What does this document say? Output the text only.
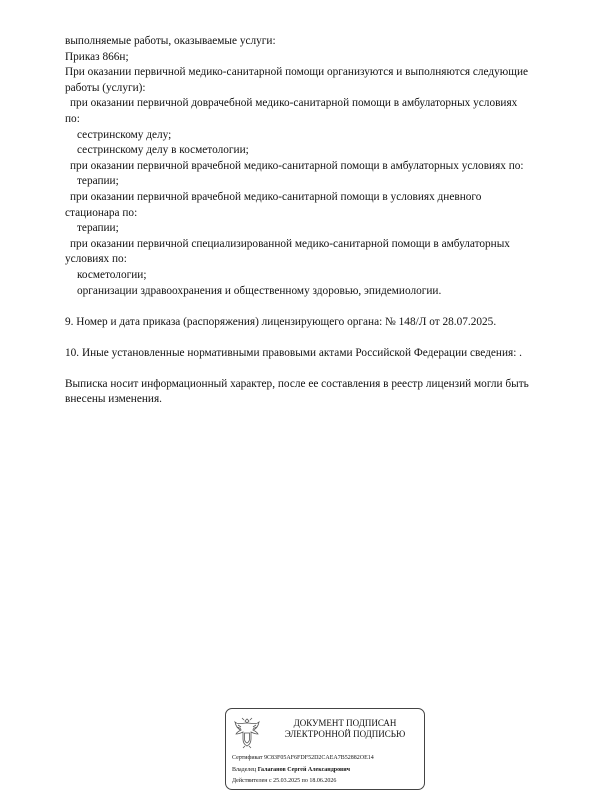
выполняемые работы, оказываемые услуги:
Приказ 866н;
При оказании первичной медико-санитарной помощи организуются и выполняются следующие
работы (услуги):
при оказании первичной доврачебной медико-санитарной помощи в амбулаторных условиях
по:
сестринскому делу;
сестринскому делу в косметологии;
при оказании первичной врачебной медико-санитарной помощи в амбулаторных условиях по:
терапии;
при оказании первичной врачебной медико-санитарной помощи в условиях дневного
стационара по:
терапии;
при оказании первичной специализированной медико-санитарной помощи в амбулаторных
условиях по:
косметологии;
организации здравоохранения и общественному здоровью, эпидемиологии.
9. Номер и дата приказа (распоряжения) лицензирующего органа: № 148/Л от 28.07.2025.
10. Иные установленные нормативными правовыми актами Российской Федерации сведения: .
Выписка носит информационный характер, после ее составления в реестр лицензий могли быть
внесены изменения.
ДОКУМЕНТ ПОДПИСАН
ЭЛЕКТРОННОЙ ПОДПИСЬЮ
Сертификат 9C83F05AF6FDF52D2CAEA7B52882OE14
Владелец Галаганов Сергей Александрович
Действителен с 25.03.2025 по 18.06.2026
